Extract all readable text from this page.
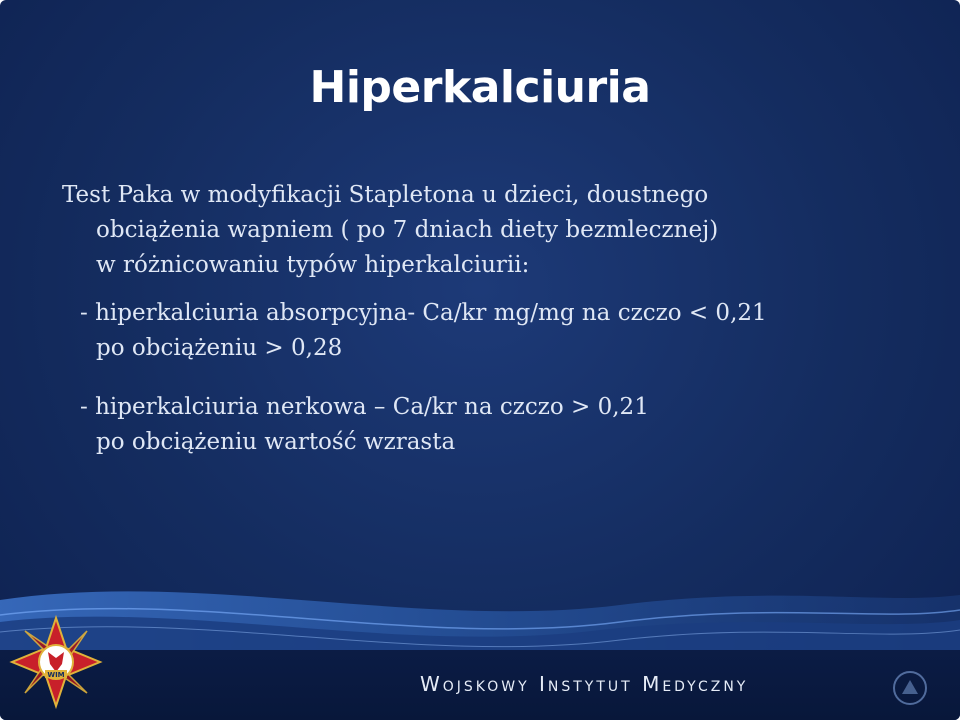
Hiperkalciuria
Test Paka w modyfikacji Stapletona u dzieci, doustnego
obciążenia wapniem ( po 7 dniach diety bezmlecznej)
w różnicowaniu typów hiperkalciurii:
- hiperkalciuria absorpcyjna- Ca/kr mg/mg na czczo < 0,21
po obciążeniu > 0,28
- hiperkalciuria nerkowa – Ca/kr na czczo > 0,21
po obciążeniu wartość wzrasta
Wojskowy Instytut Medyczny
WIM
